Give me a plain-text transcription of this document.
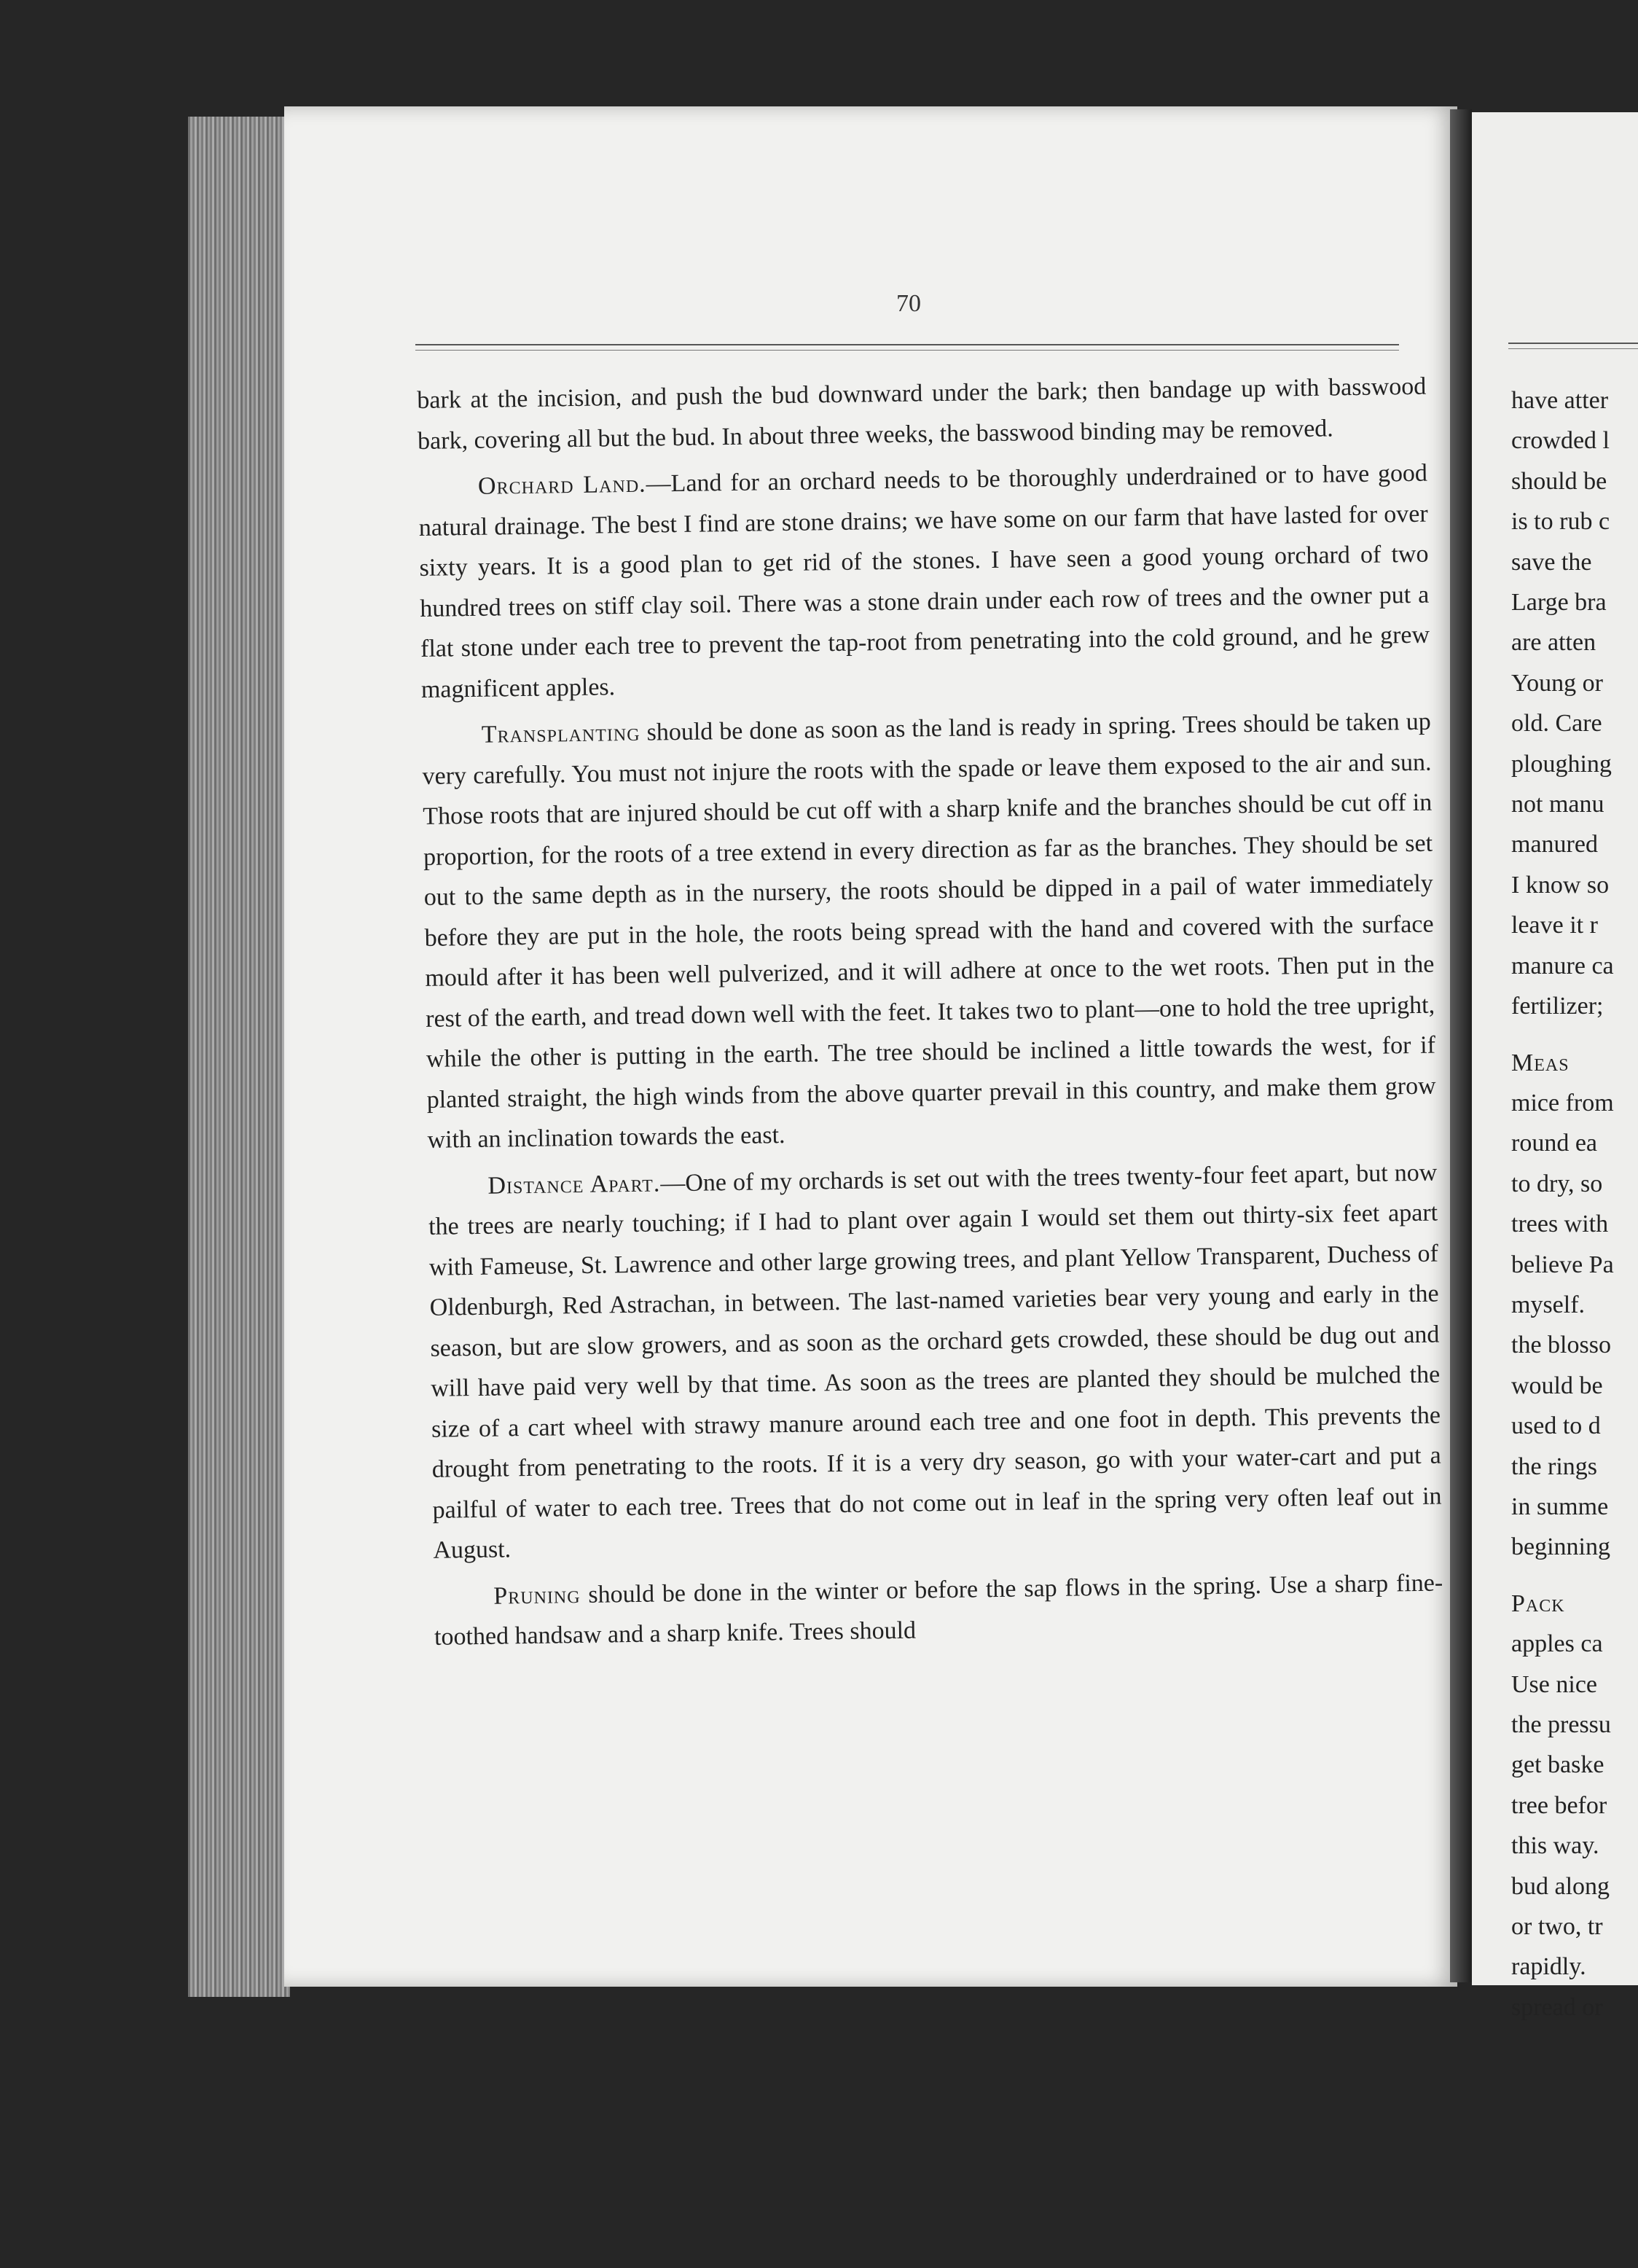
70

bark at the incision, and push the bud downward under the bark; then bandage up with basswood bark, covering all but the bud. In about three weeks, the basswood binding may be removed.

Orchard Land.—Land for an orchard needs to be thoroughly underdrained or to have good natural drainage. The best I find are stone drains; we have some on our farm that have lasted for over sixty years. It is a good plan to get rid of the stones. I have seen a good young orchard of two hundred trees on stiff clay soil. There was a stone drain under each row of trees and the owner put a flat stone under each tree to prevent the tap-root from penetrating into the cold ground, and he grew magnificent apples.

Transplanting should be done as soon as the land is ready in spring. Trees should be taken up very carefully. You must not injure the roots with the spade or leave them exposed to the air and sun. Those roots that are injured should be cut off with a sharp knife and the branches should be cut off in proportion, for the roots of a tree extend in every direction as far as the branches. They should be set out to the same depth as in the nursery, the roots should be dipped in a pail of water immediately before they are put in the hole, the roots being spread with the hand and covered with the surface mould after it has been well pulverized, and it will adhere at once to the wet roots. Then put in the rest of the earth, and tread down well with the feet. It takes two to plant—one to hold the tree upright, while the other is putting in the earth. The tree should be inclined a little towards the west, for if planted straight, the high winds from the above quarter prevail in this country, and make them grow with an inclination towards the east.

Distance Apart.—One of my orchards is set out with the trees twenty-four feet apart, but now the trees are nearly touching; if I had to plant over again I would set them out thirty-six feet apart with Fameuse, St. Lawrence and other large growing trees, and plant Yellow Transparent, Duchess of Oldenburgh, Red Astrachan, in between. The last-named varieties bear very young and early in the season, but are slow growers, and as soon as the orchard gets crowded, these should be dug out and will have paid very well by that time. As soon as the trees are planted they should be mulched the size of a cart wheel with strawy manure around each tree and one foot in depth. This prevents the drought from penetrating to the roots. If it is a very dry season, go with your water-cart and put a pailful of water to each tree. Trees that do not come out in leaf in the spring very often leaf out in August.

Pruning should be done in the winter or before the sap flows in the spring. Use a sharp fine-toothed handsaw and a sharp knife. Trees should

have atter
crowded l
should be
is to rub c
save the
Large bra
are atten
Young or
old. Care
ploughing
not manu
manured
I know so
leave it r
manure ca
fertilizer;
Meas
mice from
round ea
to dry, so
trees with
believe Pa
myself.
the blosso
would be
used to d
the rings
in summe
beginning
Pack
apples ca
Use nice
the pressu
get baske
tree befor
this way.
bud along
or two, tr
rapidly.
spread or
